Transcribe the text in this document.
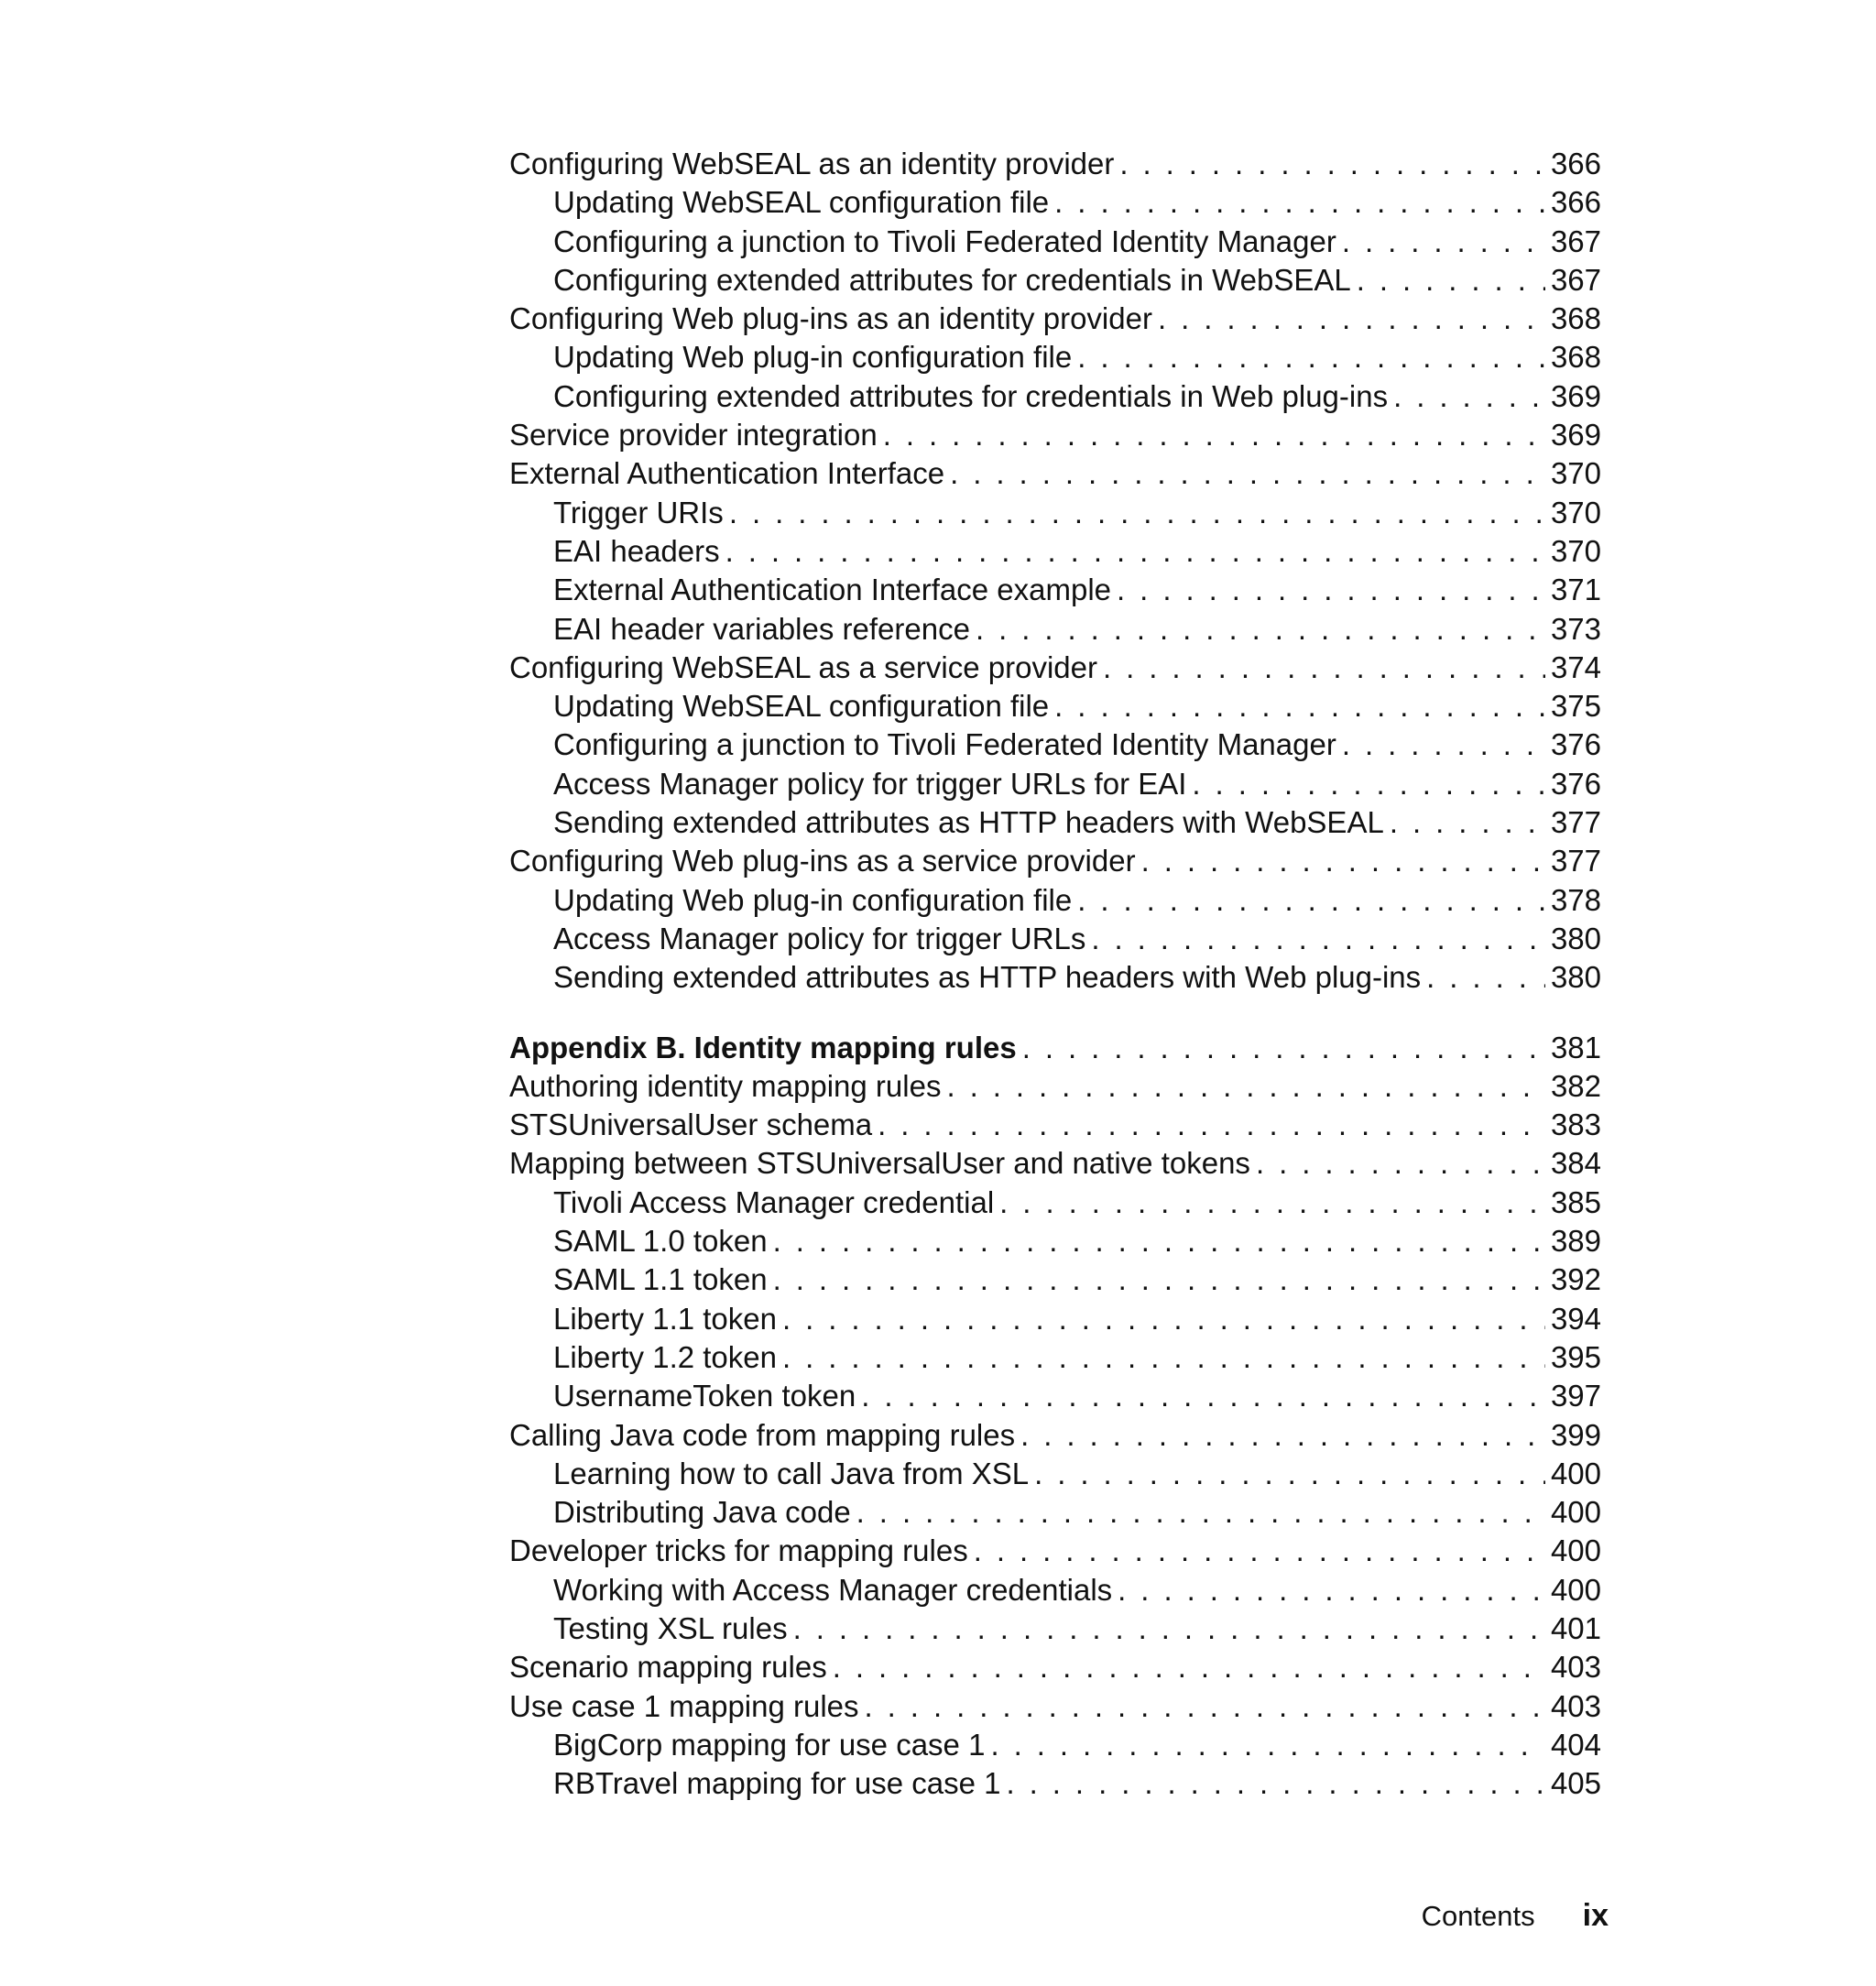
Configuring WebSEAL as an identity provider . . .	366
Updating WebSEAL configuration file . . .	366
Configuring a junction to Tivoli Federated Identity Manager . . .	367
Configuring extended attributes for credentials in WebSEAL . . .	367
Configuring Web plug-ins as an identity provider . . .	368
Updating Web plug-in configuration file . . .	368
Configuring extended attributes for credentials in Web plug-ins . . .	369
Service provider integration . . .	369
External Authentication Interface . . .	370
Trigger URIs . . .	370
EAI headers . . .	370
External Authentication Interface example . . .	371
EAI header variables reference . . .	373
Configuring WebSEAL as a service provider . . .	374
Updating WebSEAL configuration file . . .	375
Configuring a junction to Tivoli Federated Identity Manager . . .	376
Access Manager policy for trigger URLs for EAI . . .	376
Sending extended attributes as HTTP headers with WebSEAL . . .	377
Configuring Web plug-ins as a service provider . . .	377
Updating Web plug-in configuration file . . .	378
Access Manager policy for trigger URLs . . .	380
Sending extended attributes as HTTP headers with Web plug-ins . . .	380
Appendix B. Identity mapping rules . . .	381
Authoring identity mapping rules . . .	382
STSUniversalUser schema . . .	383
Mapping between STSUniversalUser and native tokens . . .	384
Tivoli Access Manager credential . . .	385
SAML 1.0 token . . .	389
SAML 1.1 token . . .	392
Liberty 1.1 token . . .	394
Liberty 1.2 token . . .	395
UsernameToken token . . .	397
Calling Java code from mapping rules . . .	399
Learning how to call Java from XSL . . .	400
Distributing Java code . . .	400
Developer tricks for mapping rules . . .	400
Working with Access Manager credentials . . .	400
Testing XSL rules . . .	401
Scenario mapping rules . . .	403
Use case 1 mapping rules . . .	403
BigCorp mapping for use case 1 . . .	404
RBTravel mapping for use case 1 . . .	405
Contents ix
